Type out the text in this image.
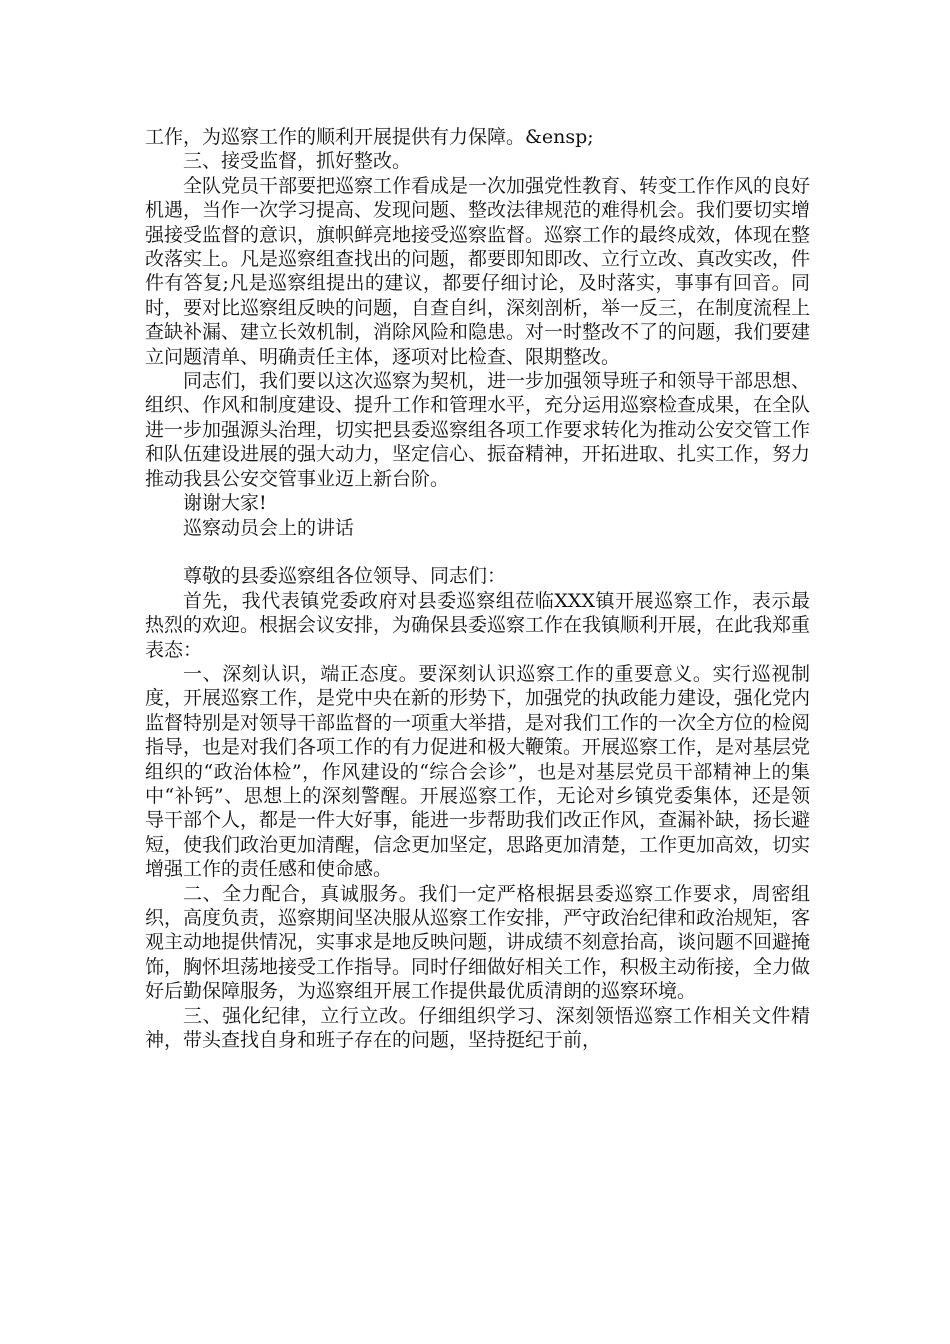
工作，为巡察工作的顺利开展提供有力保障。&ensp;

三、接受监督，抓好整改。

全队党员干部要把巡察工作看成是一次加强党性教育、转变工作作风的良好机遇，当作一次学习提高、发现问题、整改法律规范的难得机会。我们要切实增强接受监督的意识，旗帜鲜亮地接受巡察监督。巡察工作的最终成效，体现在整改落实上。凡是巡察组查找出的问题，都要即知即改、立行立改、真改实改，件件有答复;凡是巡察组提出的建议，都要仔细讨论，及时落实，事事有回音。同时，要对比巡察组反映的问题，自查自纠，深刻剖析，举一反三，在制度流程上查缺补漏、建立长效机制，消除风险和隐患。对一时整改不了的问题，我们要建立问题清单、明确责任主体，逐项对比检查、限期整改。

同志们，我们要以这次巡察为契机，进一步加强领导班子和领导干部思想、组织、作风和制度建设、提升工作和管理水平，充分运用巡察检查成果，在全队进一步加强源头治理，切实把县委巡察组各项工作要求转化为推动公安交管工作和队伍建设进展的强大动力，坚定信心、振奋精神，开拓进取、扎实工作，努力推动我县公安交管事业迈上新台阶。

谢谢大家!

巡察动员会上的讲话

尊敬的县委巡察组各位领导、同志们：

首先，我代表镇党委政府对县委巡察组莅临XXX镇开展巡察工作，表示最热烈的欢迎。根据会议安排，为确保县委巡察工作在我镇顺利开展，在此我郑重表态：

一、深刻认识，端正态度。要深刻认识巡察工作的重要意义。实行巡视制度，开展巡察工作，是党中央在新的形势下，加强党的执政能力建设，强化党内监督特别是对领导干部监督的一项重大举措，是对我们工作的一次全方位的检阅指导，也是对我们各项工作的有力促进和极大鞭策。开展巡察工作，是对基层党组织的“政治体检”，作风建设的“综合会诊”，也是对基层党员干部精神上的集中“补钙”、思想上的深刻警醒。开展巡察工作，无论对乡镇党委集体，还是领导干部个人，都是一件大好事，能进一步帮助我们改正作风，查漏补缺，扬长避短，使我们政治更加清醒，信念更加坚定，思路更加清楚，工作更加高效，切实增强工作的责任感和使命感。

二、全力配合，真诚服务。我们一定严格根据县委巡察工作要求，周密组织，高度负责，巡察期间坚决服从巡察工作安排，严守政治纪律和政治规矩，客观主动地提供情况，实事求是地反映问题，讲成绩不刻意抬高，谈问题不回避掩饰，胸怀坦荡地接受工作指导。同时仔细做好相关工作，积极主动衔接，全力做好后勤保障服务，为巡察组开展工作提供最优质清朗的巡察环境。

三、强化纪律，立行立改。仔细组织学习、深刻领悟巡察工作相关文件精神，带头查找自身和班子存在的问题，坚持挺纪于前，
